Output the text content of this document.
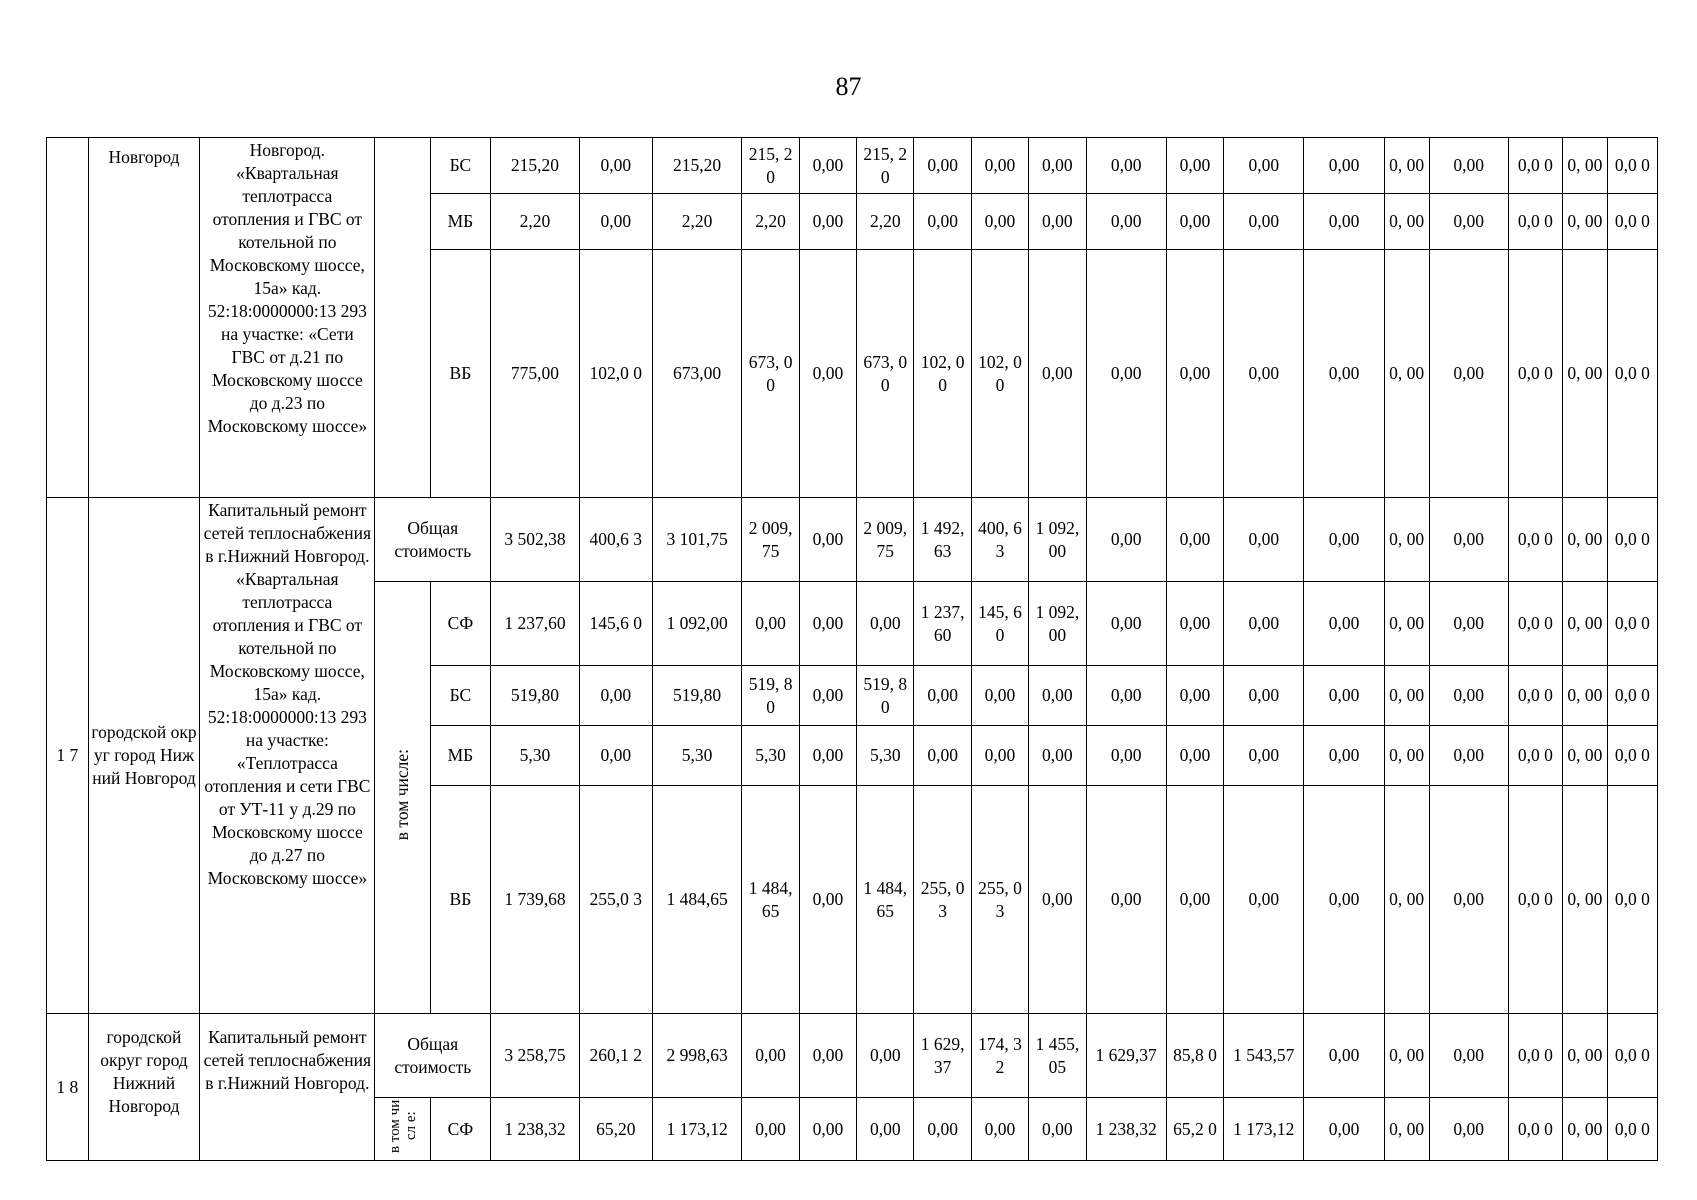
87
	Новгород	Новгород. «Квартальная теплотрасса отопления и ГВС от котельной по Московскому шоссе, 15а» кад. 52:18:0000000:13 293 на участке: «Сети ГВС от д.21 по Московскому шоссе до д.23 по Московскому шоссе»		БС	215,20	0,00	215,20	215, 20	0,00	215, 20	0,00	0,00	0,00	0,00	0,00	0,00	0,00	0, 00	0,00	0,0 0	0, 00	0,0 0
				МБ	2,20	0,00	2,20	2,20	0,00	2,20	0,00	0,00	0,00	0,00	0,00	0,00	0,00	0, 00	0,00	0,0 0	0, 00	0,0 0
				ВБ	775,00	102,0 0	673,00	673, 00	0,00	673, 00	102, 00	102, 00	0,00	0,00	0,00	0,00	0,00	0, 00	0,00	0,0 0	0, 00	0,0 0
1 7	городской округ город Нижний Новгород	Капитальный ремонт сетей теплоснабжения в г.Нижний Новгород. «Квартальная теплотрасса отопления и ГВС от котельной по Московскому шоссе, 15а» кад. 52:18:0000000:13 293 на участке: «Теплотрасса отопления и сети ГВС от УТ-11 у д.29 по Московскому шоссе до д.27 по Московскому шоссе»	Общая стоимость		3 502,38	400,6 3	3 101,75	2 009, 75	0,00	2 009, 75	1 492, 63	400, 63	1 092, 00	0,00	0,00	0,00	0,00	0, 00	0,00	0,0 0	0, 00	0,0 0
			в том числе:	СФ	1 237,60	145,6 0	1 092,00	0,00	0,00	0,00	1 237, 60	145, 60	1 092, 00	0,00	0,00	0,00	0,00	0, 00	0,00	0,0 0	0, 00	0,0 0
				БС	519,80	0,00	519,80	519, 80	0,00	519, 80	0,00	0,00	0,00	0,00	0,00	0,00	0,00	0, 00	0,00	0,0 0	0, 00	0,0 0
				МБ	5,30	0,00	5,30	5,30	0,00	5,30	0,00	0,00	0,00	0,00	0,00	0,00	0,00	0, 00	0,00	0,0 0	0, 00	0,0 0
				ВБ	1 739,68	255,0 3	1 484,65	1 484, 65	0,00	1 484, 65	255, 03	255, 03	0,00	0,00	0,00	0,00	0,00	0, 00	0,00	0,0 0	0, 00	0,0 0
1 8	городской округ город Нижний Новгород	Капитальный ремонт сетей теплоснабжения в г.Нижний Новгород.	Общая стоимость		3 258,75	260,1 2	2 998,63	0,00	0,00	0,00	1 629, 37	174, 32	1 455, 05	1 629,37	85,8 0	1 543,57	0,00	0, 00	0,00	0,0 0	0, 00	0,0 0
			в том числ е:	СФ	1 238,32	65,20	1 173,12	0,00	0,00	0,00	0,00	0,00	0,00	1 238,32	65,2 0	1 173,12	0,00	0, 00	0,00	0,0 0	0, 00	0,0 0
